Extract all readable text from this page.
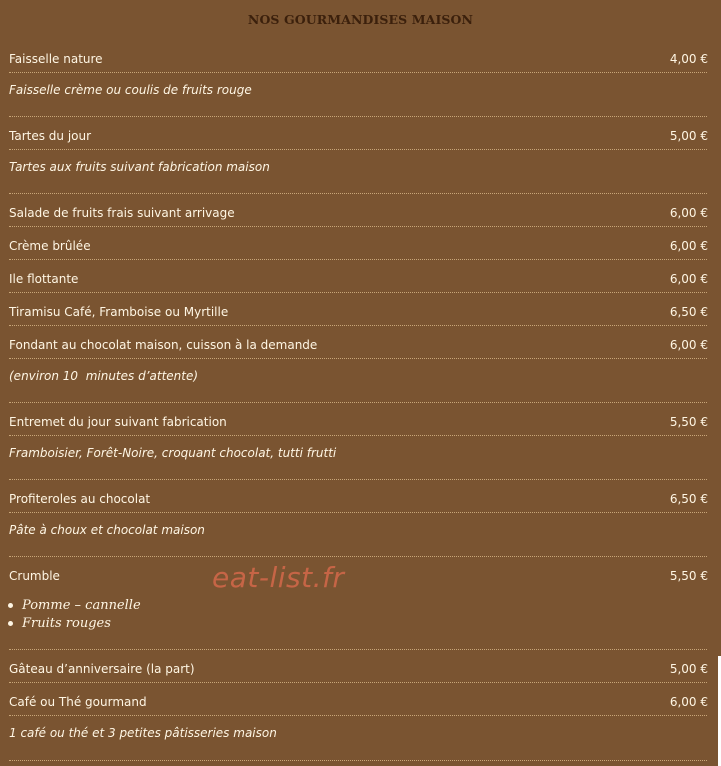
NOS GOURMANDISES MAISON
Faisselle nature	4,00 €
Faisselle crème ou coulis de fruits rouge
Tartes du jour	5,00 €
Tartes aux fruits suivant fabrication maison
Salade de fruits frais suivant arrivage	6,00 €
Crème brûlée	6,00 €
Ile flottante	6,00 €
Tiramisu Café, Framboise ou Myrtille	6,50 €
Fondant au chocolat maison, cuisson à la demande	6,00 €
(environ 10  minutes d’attente)
Entremet du jour suivant fabrication	5,50 €
Framboisier, Forêt-Noire, croquant chocolat, tutti frutti
Profiteroles au chocolat	6,50 €
Pâte à choux et chocolat maison
Crumble	5,50 €
Pomme – cannelle
Fruits rouges
Gâteau d’anniversaire (la part)	5,00 €
Café ou Thé gourmand	6,00 €
1 café ou thé et 3 petites pâtisseries maison
eat-list.fr
